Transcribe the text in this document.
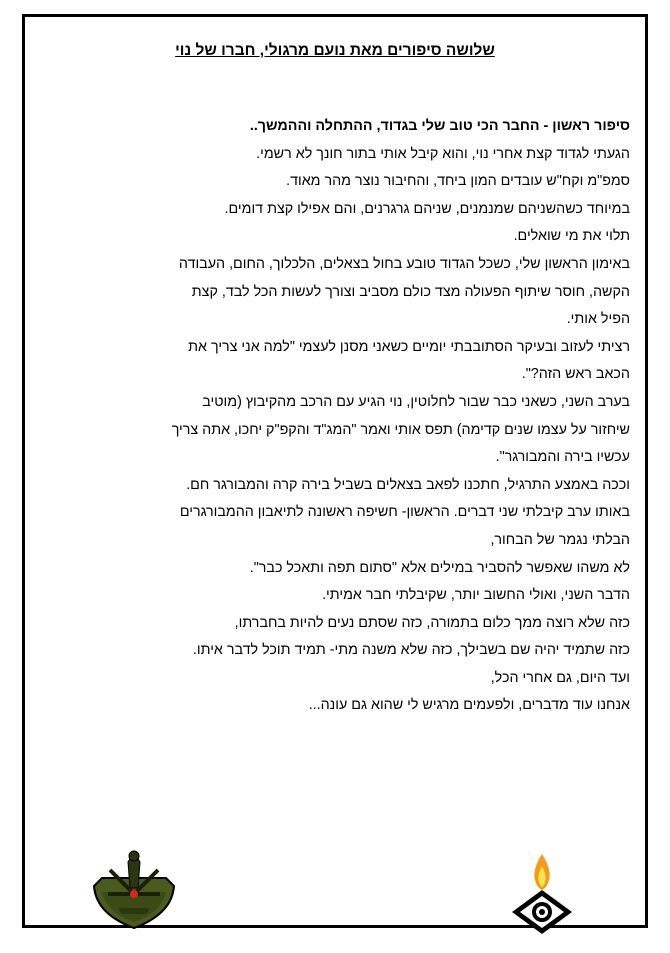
שלושה סיפורים מאת נועם מרגולי, חברו של נוי
סיפור ראשון - החבר הכי טוב שלי בגדוד, ההתחלה וההמשך..
הגעתי לגדוד קצת אחרי נוי, והוא קיבל אותי בתור חונך לא רשמי.
סמפ"מ וקח"ש עובדים המון ביחד, והחיבור נוצר מהר מאוד.
במיוחד כשהשניהם שמנמנים, שניהם גרגרנים, והם אפילו קצת דומים.
תלוי את מי שואלים.
באימון הראשון שלי, כשכל הגדוד טובע בחול בצאלים, הלכלוך, החום, העבודה
הקשה, חוסר שיתוף הפעולה מצד כולם מסביב וצורך לעשות הכל לבד, קצת
הפיל אותי.
רציתי לעזוב ובעיקר הסתובבתי יומיים כשאני מסנן לעצמי "למה אני צריך את
הכאב ראש הזה?".
בערב השני, כשאני כבר שבור לחלוטין, נוי הגיע עם הרכב מהקיבוץ (מוטיב
שיחזור על עצמו שנים קדימה) תפס אותי ואמר "המג"ד והקפ"ק יחכו, אתה צריך
עכשיו בירה והמבורגר".
וככה באמצע התרגיל, חתכנו לפאב בצאלים בשביל בירה קרה והמבורגר חם.
באותו ערב קיבלתי שני דברים. הראשון- חשיפה ראשונה לתיאבון ההמבורגרים
הבלתי נגמר של הבחור,
לא משהו שאפשר להסביר במילים אלא "סתום תפה ותאכל כבר".
הדבר השני, ואולי החשוב יותר, שקיבלתי חבר אמיתי.
כזה שלא רוצה ממך כלום בתמורה, כזה שסתם נעים להיות בחברתו,
כזה שתמיד יהיה שם בשבילך, כזה שלא משנה מתי- תמיד תוכל לדבר איתו.
ועד היום, גם אחרי הכל,
אנחנו עוד מדברים, ולפעמים מרגיש לי שהוא גם עונה...
